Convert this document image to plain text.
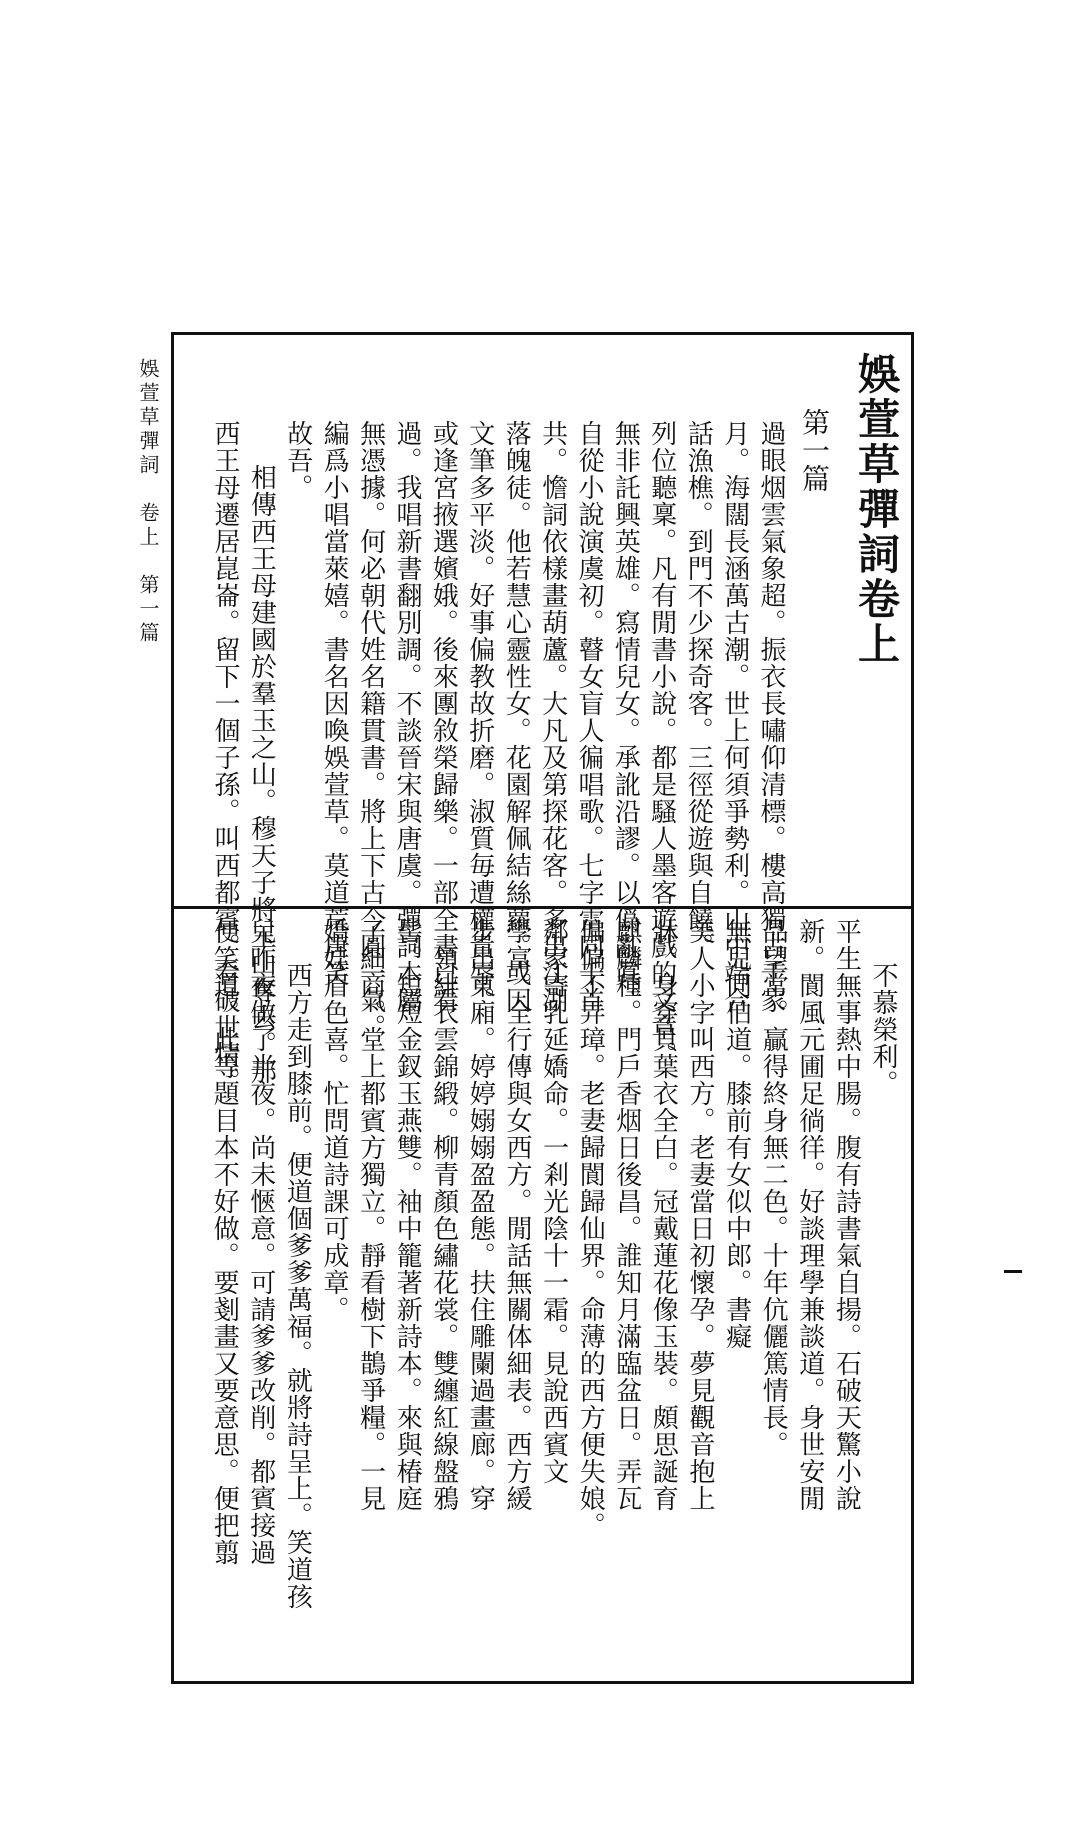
娛萱草彈詞　卷上　第一篇	娛萱草彈詞卷上
第一篇
過眼烟雲氣象超。振衣長嘯仰清標。樓高獨占千家
月。海闊長涵萬古潮。世上何須爭勢利。山中端合
話漁樵。到門不少探奇客。三徑從遊與自饒。
列位聽稟。凡有閒書小說。都是騷人墨客遊戲的文章。
無非託興英雄。寫情兒女。承訛沿謬。以僞亂眞。
自從小說演虞初。瞽女盲人徧唱歌。七字雷同千首
共。憺詞依樣畫葫蘆。大凡及第探花客。多出江湖
落魄徒。他若慧心靈性女。花園解佩結絲蘿。或因
文筆多平淡。好事偏教故折磨。淑質毎遭權貴辱。
或逢宮掖選嬪娥。後來團敘榮歸樂。一部全書已看
過。我唱新書翻別調。不談晉宋與唐虞。彈詞本屬
無憑據。何必朝代姓名籍貫書。將上下古今圓一氣。
編爲小唱當萊嬉。書名因喚娛萱草。莫道荒唐笑
故吾。
相傳西王母建國於羣玉之山。穆天子將玉山奪去。那
西王母遷居崑崙。留下一個子孫。叫西都賓。看破世情。	不慕榮利。
平生無事熱中腸。腹有詩書氣自揚。石破天驚小說
新。閬風元圃足徜徉。好談理學兼談道。身世安閒
品望常。贏得終身無二色。十年伉儷篤情長。
無兒同伯道。膝前有女似中郎。書癡
美人小字叫西方。老妻當日初懷孕。夢見觀音抱上
牀。身穿貝葉衣全白。冠戴蓮花像玉裝。頗思誕育
麒麟種。門戶香烟日後昌。誰知月滿臨盆日。弄瓦
偏偏不弄璋。老妻歸閬歸仙界。命薄的西方便失娘。
鄰家寄乳延嬌命。一剎光陰十一霜。見說西賓文
學富。全行傳與女西方。閒話無關体細表。西方緩
步出東廂。婷婷嫋嫋盈盈態。扶住雕闌過畫廊。穿
一領緋衣雲錦緞。柳青顏色繡花裳。雙纏紅線盤鴉
髻。短短金釵玉燕雙。袖中籠著新詩本。來與椿庭
子細商。堂上都賓方獨立。靜看樹下鵲爭糧。一見
嬌娃眉色喜。忙問道詩課可成章。
西方走到膝前。便道個爹爹萬福。就將詩呈上。笑道孩
兒昨夜做了半夜。尚未愜意。可請爹爹改削。都賓接過
便笑道。此等題目本不好做。要剗畫又要意思。便把翦
